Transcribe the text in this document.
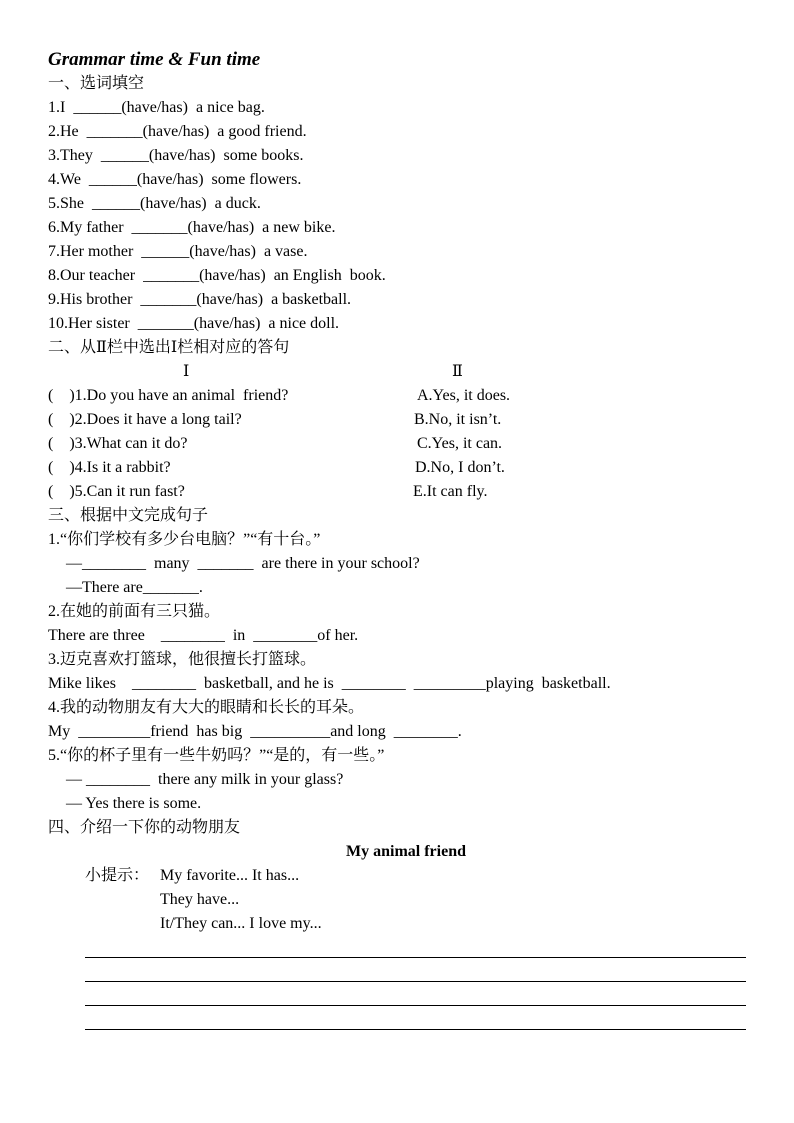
Grammar time & Fun time
一、选词填空
1.I  ______(have/has)  a nice bag.
2.He  _______(have/has)  a good friend.
3.They  ______(have/has)  some books.
4.We  ______(have/has)  some flowers.
5.She  ______(have/has)  a duck.
6.My father  _______(have/has)  a new bike.
7.Her mother  ______(have/has)  a vase.
8.Our teacher  _______(have/has)  an English  book.
9.His brother  _______(have/has)  a basketball.
10.Her sister  _______(have/has)  a nice doll.
二、从Ⅱ栏中选出Ⅰ栏相对应的答句
Ⅰ	Ⅱ
(    )1.Do you have an animal  friend?
(    )2.Does it have a long tail?
(    )3.What can it do?
(    )4.Is it a rabbit?
(    )5.Can it run fast?
A.Yes, it does.
B.No, it isn’t.
C.Yes, it can.
D.No, I don’t.
E.It can fly.
三、根据中文完成句子
1.“你们学校有多少台电脑？”“有十台。”
—________  many  _______  are there in your school?
—There are_______.
2.在她的前面有三只猫。
There are three    ________  in  ________of her.
3.迈克喜欢打篮球，他很擅长打篮球。
Mike likes    ________  basketball, and he is  ________  _________playing  basketball.
4.我的动物朋友有大大的眼睛和长长的耳朵。
My  _________friend  has big  __________and long  ________.
5.“你的杯子里有一些牛奶吗？”“是的，有一些。”
— ________  there any milk in your glass?
— Yes there is some.
四、介绍一下你的动物朋友
My animal friend
小提示： My favorite... It has...
They have...
It/They can... I love my...
